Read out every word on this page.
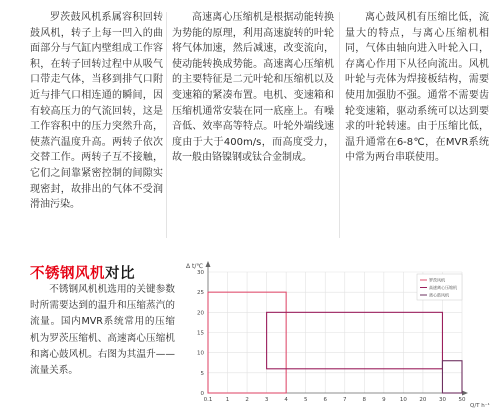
罗茨鼓风机系属容积回转鼓风机，转子上每一凹入的曲面部分与气缸内壁组成工作容积，在转子回转过程中从吸气口带走气体，当移到排气口附近与排气口相连通的瞬间，因有较高压力的气流回转，这是工作容积中的压力突然升高，使蒸汽温度升高。两转子依次交替工作。两转子互不接触，它们之间靠紧密控制的间隙实现密封，故排出的气体不受润滑油污染。

高速离心压缩机是根据动能转换为势能的原理，利用高速旋转的叶轮将气体加速，然后减速，改变流向，使动能转换成势能。高速离心压缩机的主要特征是二元叶轮和压缩机以及变速箱的紧凑布置。电机、变速箱和压缩机通常安装在同一底座上。有噪音低、效率高等特点。叶轮外端线速度由于大于400m/s，而高度受力，故一般由铬镍钢或钛合金制成。

离心鼓风机有压缩比低，流量大的特点，与离心压缩机相同，气体由轴向进入叶轮入口，存离心作用下从径向流出。风机叶轮与壳体为焊接板结构，需要使用加强肋不强。通常不需要齿轮变速箱，驱动系统可以达到要求的叶轮转速。由于压缩比低，温升通常在6-8℃，在MVR系统中常为两台串联使用。

不锈钢风机对比

不锈钢风机机选用的关键参数时所需要达到的温升和压缩蒸汽的流量。国内MVR系统常用的压缩机为罗茨压缩机、高速离心压缩机和离心鼓风机。右图为其温升——流量关系。

Δ t/℃
Q/T h⁻¹
0.1 1	2	3	4	5	6	7	8	9	10 20 30 50
0
5
10
15
20
25
30
罗茨风机
高速离心压缩机
离心鼓风机
